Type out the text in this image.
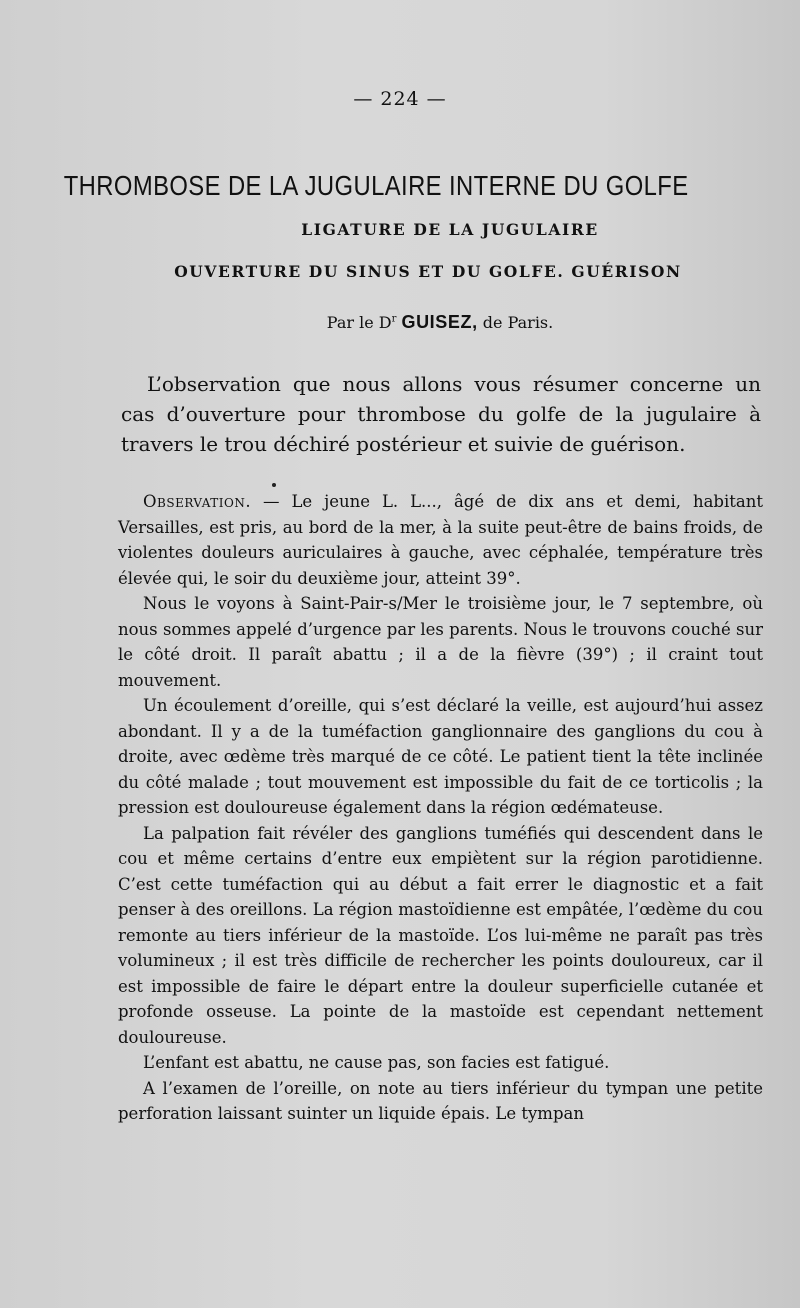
— 224 —
THROMBOSE DE LA JUGULAIRE INTERNE DU GOLFE
LIGATURE DE LA JUGULAIRE
OUVERTURE DU SINUS ET DU GOLFE. GUÉRISON
Par le $D^r$ GUISEZ, de Paris.

L’observation que nous allons vous résumer concerne un cas d’ouverture pour thrombose du golfe de la jugulaire à travers le trou déchiré postérieur et suivie de guérison.

Observation. — Le jeune L. L..., âgé de dix ans et demi, habitant Versailles, est pris, au bord de la mer, à la suite peut-être de bains froids, de violentes douleurs auriculaires à gauche, avec céphalée, température très élevée qui, le soir du deuxième jour, atteint 39°.

Nous le voyons à Saint-Pair-s/Mer le troisième jour, le 7 septembre, où nous sommes appelé d’urgence par les parents. Nous le trouvons couché sur le côté droit. Il paraît abattu ; il a de la fièvre (39°) ; il craint tout mouvement.

Un écoulement d’oreille, qui s’est déclaré la veille, est aujourd’hui assez abondant. Il y a de la tuméfaction ganglionnaire des ganglions du cou à droite, avec œdème très marqué de ce côté. Le patient tient la tête inclinée du côté malade ; tout mouvement est impossible du fait de ce torticolis ; la pression est douloureuse également dans la région œdémateuse.

La palpation fait révéler des ganglions tuméfiés qui descendent dans le cou et même certains d’entre eux empiètent sur la région parotidienne. C’est cette tuméfaction qui au début a fait errer le diagnostic et a fait penser à des oreillons. La région mastoïdienne est empâtée, l’œdème du cou remonte au tiers inférieur de la mastoïde. L’os lui-même ne paraît pas très volumineux ; il est très difficile de rechercher les points douloureux, car il est impossible de faire le départ entre la douleur superficielle cutanée et profonde osseuse. La pointe de la mastoïde est cependant nettement douloureuse.

L’enfant est abattu, ne cause pas, son facies est fatigué.

A l’examen de l’oreille, on note au tiers inférieur du tympan une petite perforation laissant suinter un liquide épais. Le tympan
